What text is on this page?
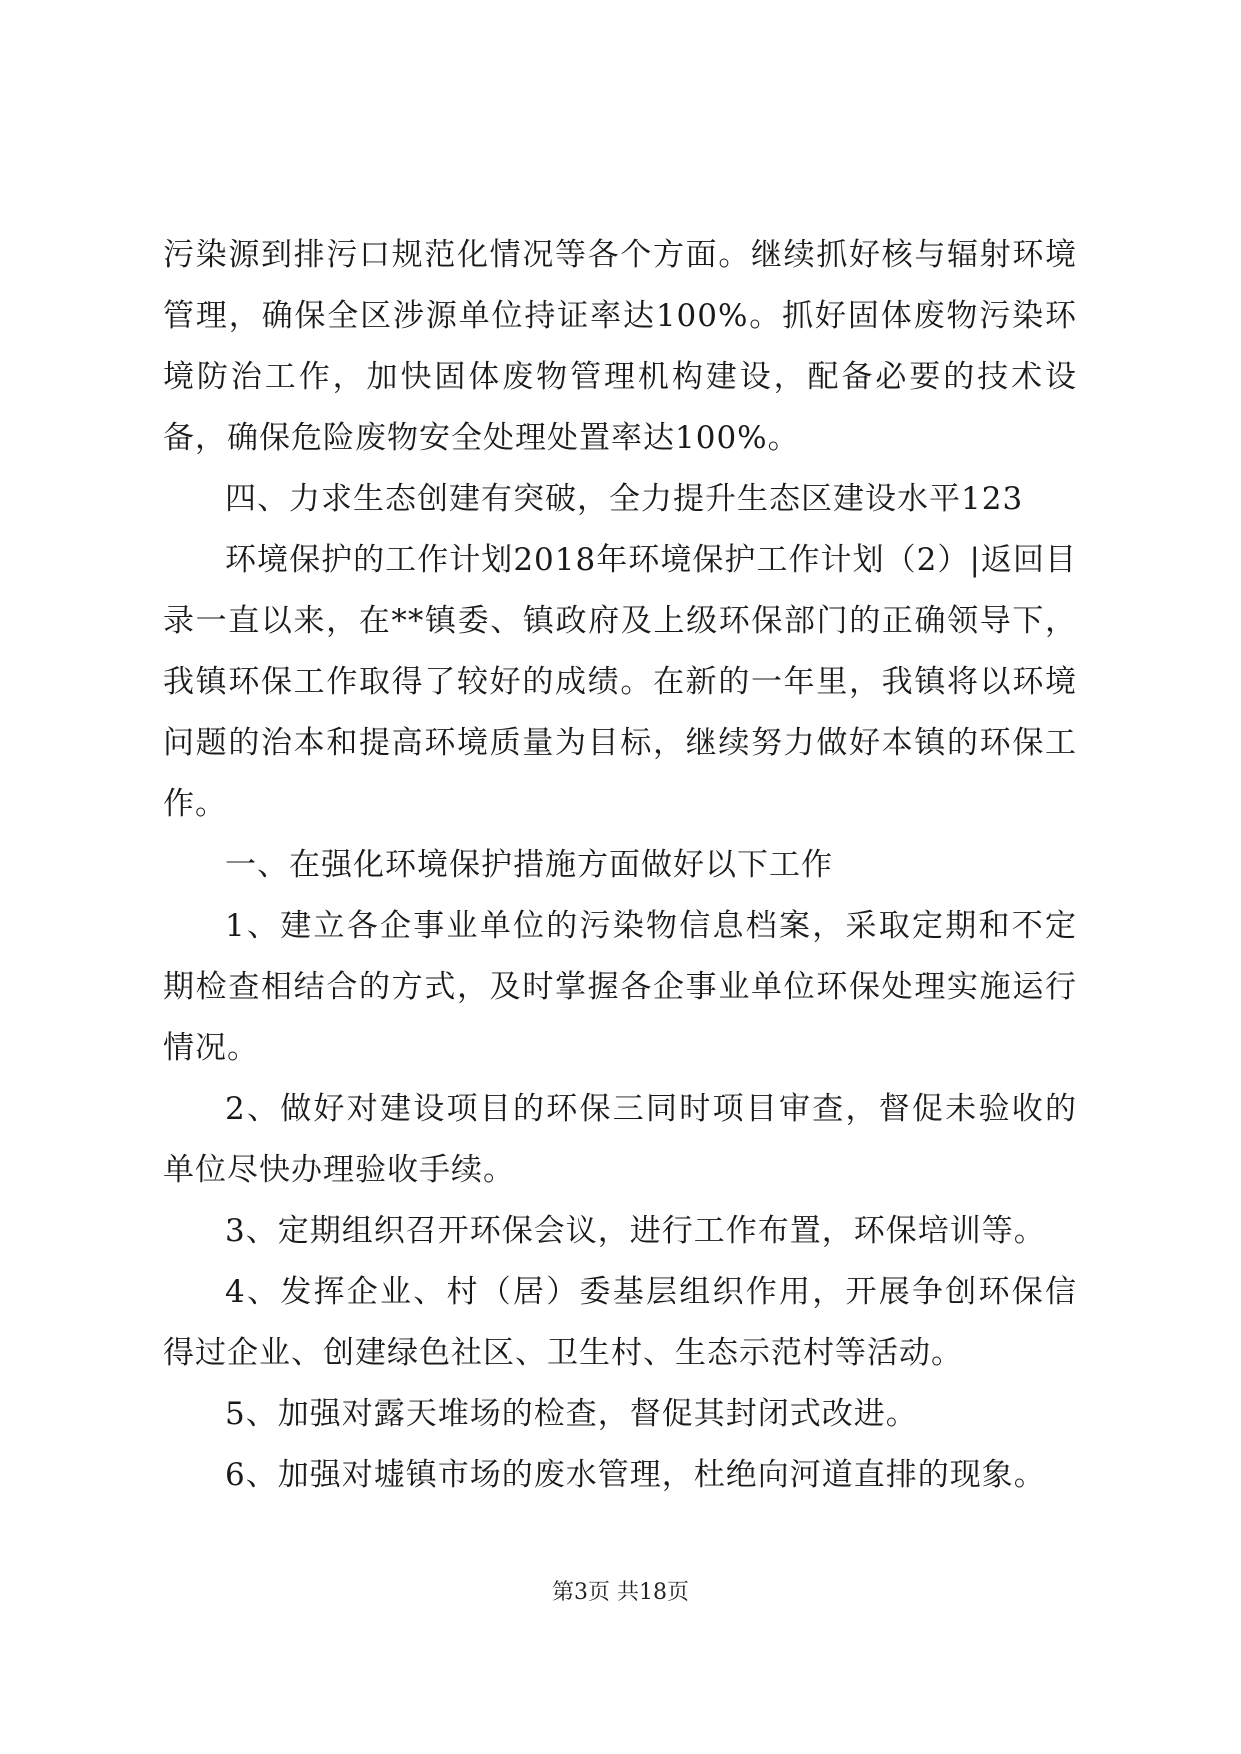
污染源到排污口规范化情况等各个方面。继续抓好核与辐射环境管理，确保全区涉源单位持证率达100%。抓好固体废物污染环境防治工作，加快固体废物管理机构建设，配备必要的技术设备，确保危险废物安全处理处置率达100%。

四、力求生态创建有突破，全力提升生态区建设水平123

环境保护的工作计划2018年环境保护工作计划（2）|返回目录一直以来，在**镇委、镇政府及上级环保部门的正确领导下，我镇环保工作取得了较好的成绩。在新的一年里，我镇将以环境问题的治本和提高环境质量为目标，继续努力做好本镇的环保工作。

一、在强化环境保护措施方面做好以下工作

1、建立各企事业单位的污染物信息档案，采取定期和不定期检查相结合的方式，及时掌握各企事业单位环保处理实施运行情况。

2、做好对建设项目的环保三同时项目审查，督促未验收的单位尽快办理验收手续。

3、定期组织召开环保会议，进行工作布置，环保培训等。

4、发挥企业、村（居）委基层组织作用，开展争创环保信得过企业、创建绿色社区、卫生村、生态示范村等活动。

5、加强对露天堆场的检查，督促其封闭式改进。

6、加强对墟镇市场的废水管理，杜绝向河道直排的现象。

第3页 共18页
